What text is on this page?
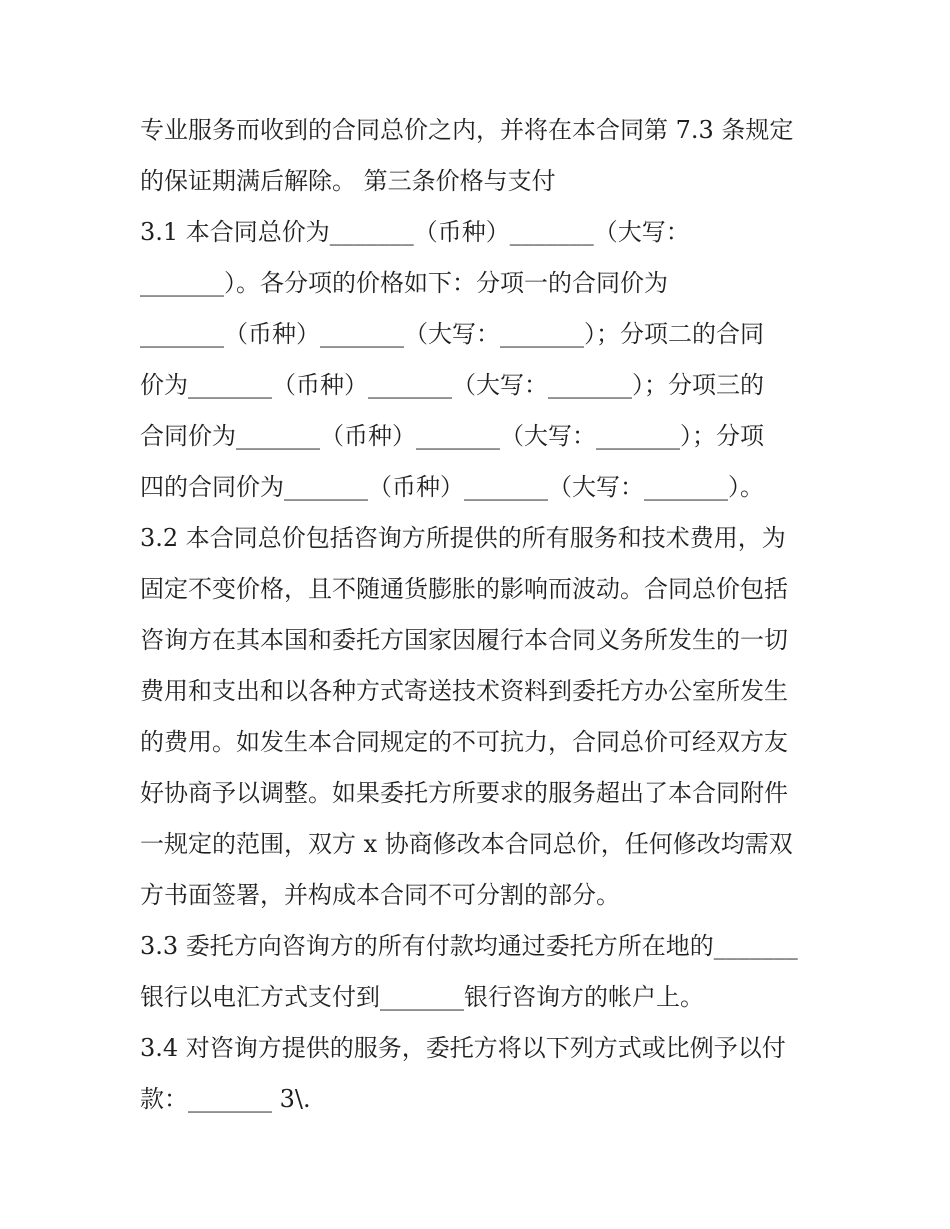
专业服务而收到的合同总价之内，并将在本合同第 7.3 条规定
的保证期满后解除。 第三条价格与支付
3.1 本合同总价为_______（币种）_______（大写：
_______）。各分项的价格如下：分项一的合同价为
_______（币种）_______（大写：_______）；分项二的合同
价为_______（币种）_______（大写：_______）；分项三的
合同价为_______（币种）_______（大写：_______）；分项
四的合同价为_______（币种）_______（大写：_______）。
3.2 本合同总价包括咨询方所提供的所有服务和技术费用，为
固定不变价格，且不随通货膨胀的影响而波动。合同总价包括
咨询方在其本国和委托方国家因履行本合同义务所发生的一切
费用和支出和以各种方式寄送技术资料到委托方办公室所发生
的费用。如发生本合同规定的不可抗力，合同总价可经双方友
好协商予以调整。如果委托方所要求的服务超出了本合同附件
一规定的范围，双方 x 协商修改本合同总价，任何修改均需双
方书面签署，并构成本合同不可分割的部分。
3.3 委托方向咨询方的所有付款均通过委托方所在地的_______
银行以电汇方式支付到_______银行咨询方的帐户上。
3.4 对咨询方提供的服务，委托方将以下列方式或比例予以付
款：_______ 3\.
